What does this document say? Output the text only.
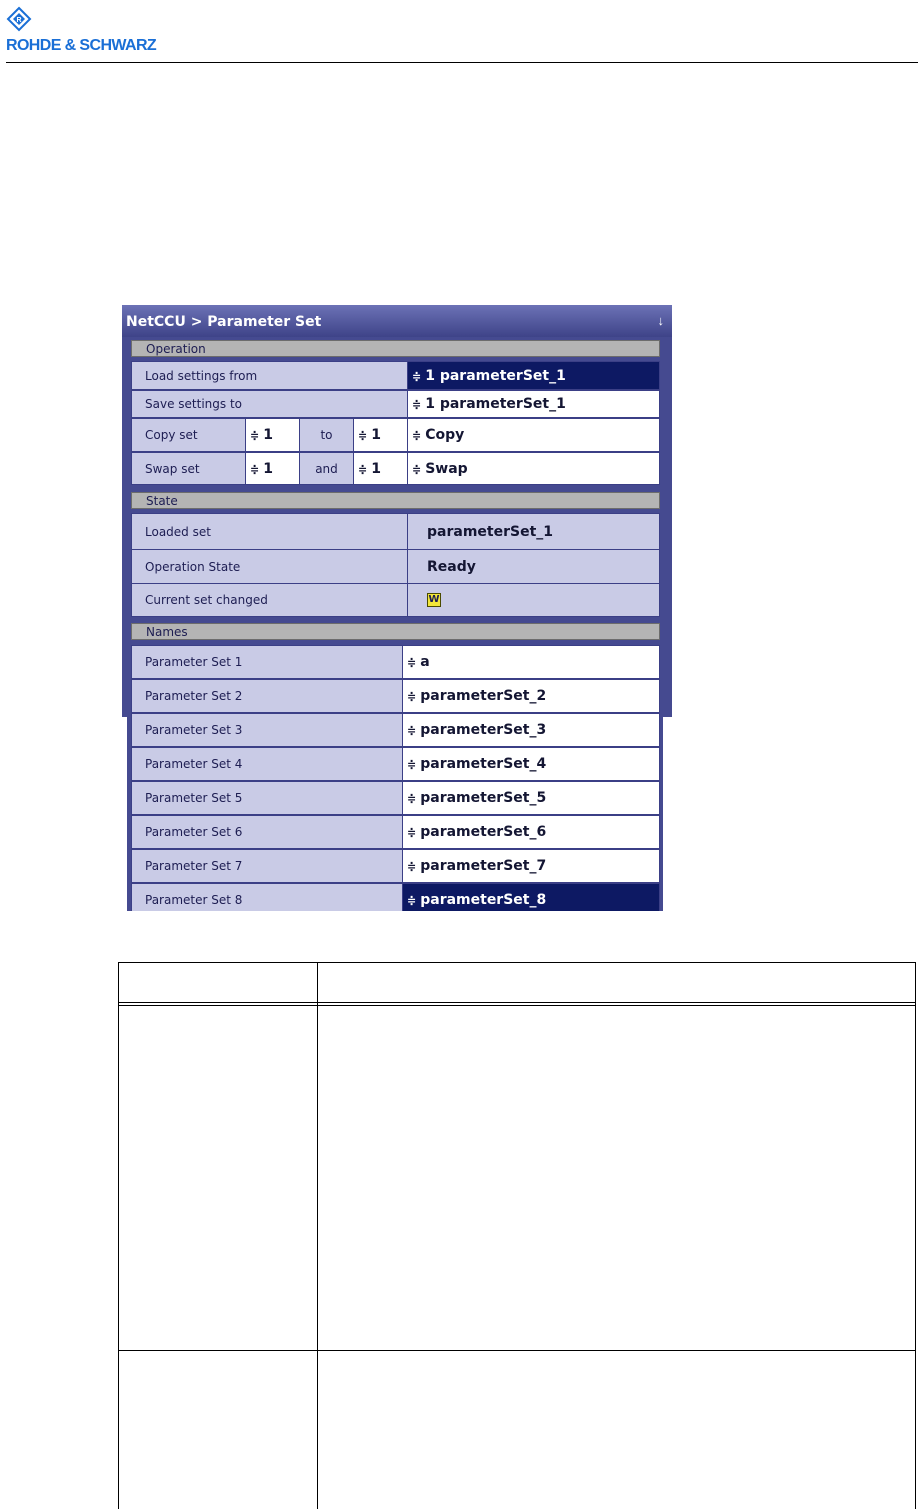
R
ROHDE & SCHWARZ
NetCCU > Parameter Set	↓
Operation
Load settings from	≑ 1 parameterSet_1
Save settings to	≑ 1 parameterSet_1
Copy set	≑ 1	to	≑ 1	≑ Copy
Swap set	≑ 1	and	≑ 1	≑ Swap
State
Loaded set	parameterSet_1
Operation State	Ready
Current set changed	W
Names
Parameter Set 1	≑ a
Parameter Set 2	≑ parameterSet_2
Parameter Set 3	≑ parameterSet_3
Parameter Set 4	≑ parameterSet_4
Parameter Set 5	≑ parameterSet_5
Parameter Set 6	≑ parameterSet_6
Parameter Set 7	≑ parameterSet_7
Parameter Set 8	≑ parameterSet_8
